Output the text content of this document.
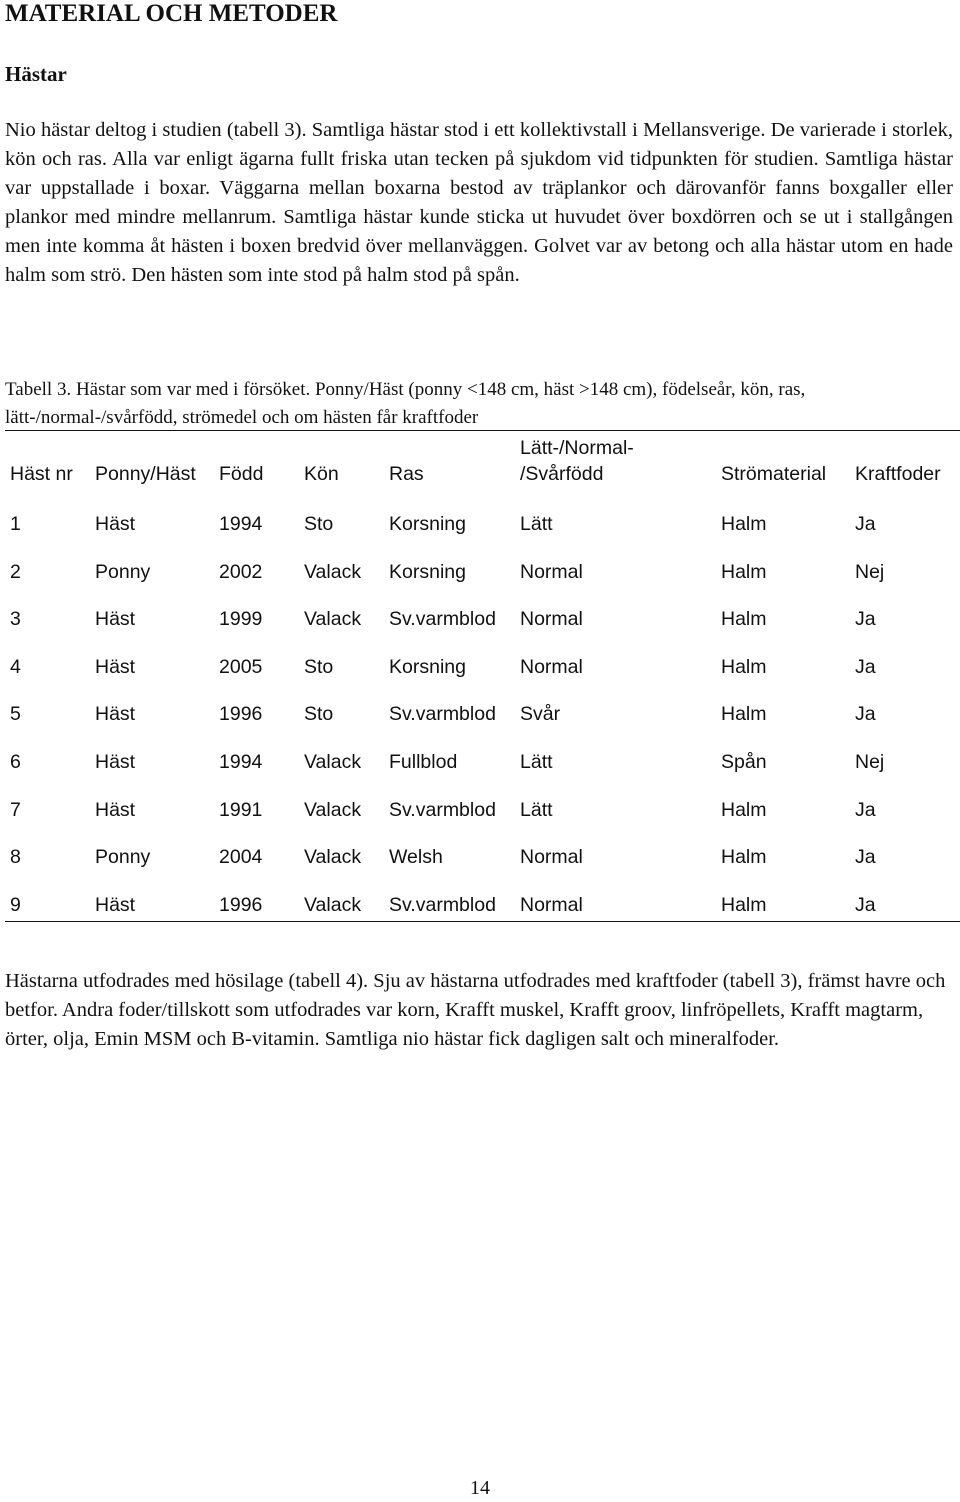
MATERIAL OCH METODER
Hästar

Nio hästar deltog i studien (tabell 3). Samtliga hästar stod i ett kollektivstall i Mellansverige. De varierade i storlek, kön och ras. Alla var enligt ägarna fullt friska utan tecken på sjukdom vid tidpunkten för studien. Samtliga hästar var uppstallade i boxar. Väggarna mellan boxarna bestod av träplankor och därovanför fanns boxgaller eller plankor med mindre mellanrum. Samtliga hästar kunde sticka ut huvudet över boxdörren och se ut i stallgången men inte komma åt hästen i boxen bredvid över mellanväggen. Golvet var av betong och alla hästar utom en hade halm som strö. Den hästen som inte stod på halm stod på spån.

Tabell 3. Hästar som var med i försöket. Ponny/Häst (ponny <148 cm, häst >148 cm), födelseår, kön, ras, lätt-/normal-/svårfödd, strömedel och om hästen får kraftfoder

Häst nr	Ponny/Häst	Född	Kön	Ras	Lätt-/Normal-
/Svårfödd	Strömaterial	Kraftfoder
1	Häst	1994	Sto	Korsning	Lätt	Halm	Ja
2	Ponny	2002	Valack	Korsning	Normal	Halm	Nej
3	Häst	1999	Valack	Sv.varmblod	Normal	Halm	Ja
4	Häst	2005	Sto	Korsning	Normal	Halm	Ja
5	Häst	1996	Sto	Sv.varmblod	Svår	Halm	Ja
6	Häst	1994	Valack	Fullblod	Lätt	Spån	Nej
7	Häst	1991	Valack	Sv.varmblod	Lätt	Halm	Ja
8	Ponny	2004	Valack	Welsh	Normal	Halm	Ja
9	Häst	1996	Valack	Sv.varmblod	Normal	Halm	Ja

Hästarna utfodrades med hösilage (tabell 4). Sju av hästarna utfodrades med kraftfoder (tabell 3), främst havre och betfor. Andra foder/tillskott som utfodrades var korn, Krafft muskel, Krafft groov, linfröpellets, Krafft magtarm, örter, olja, Emin MSM och B-vitamin. Samtliga nio hästar fick dagligen salt och mineralfoder.

14
